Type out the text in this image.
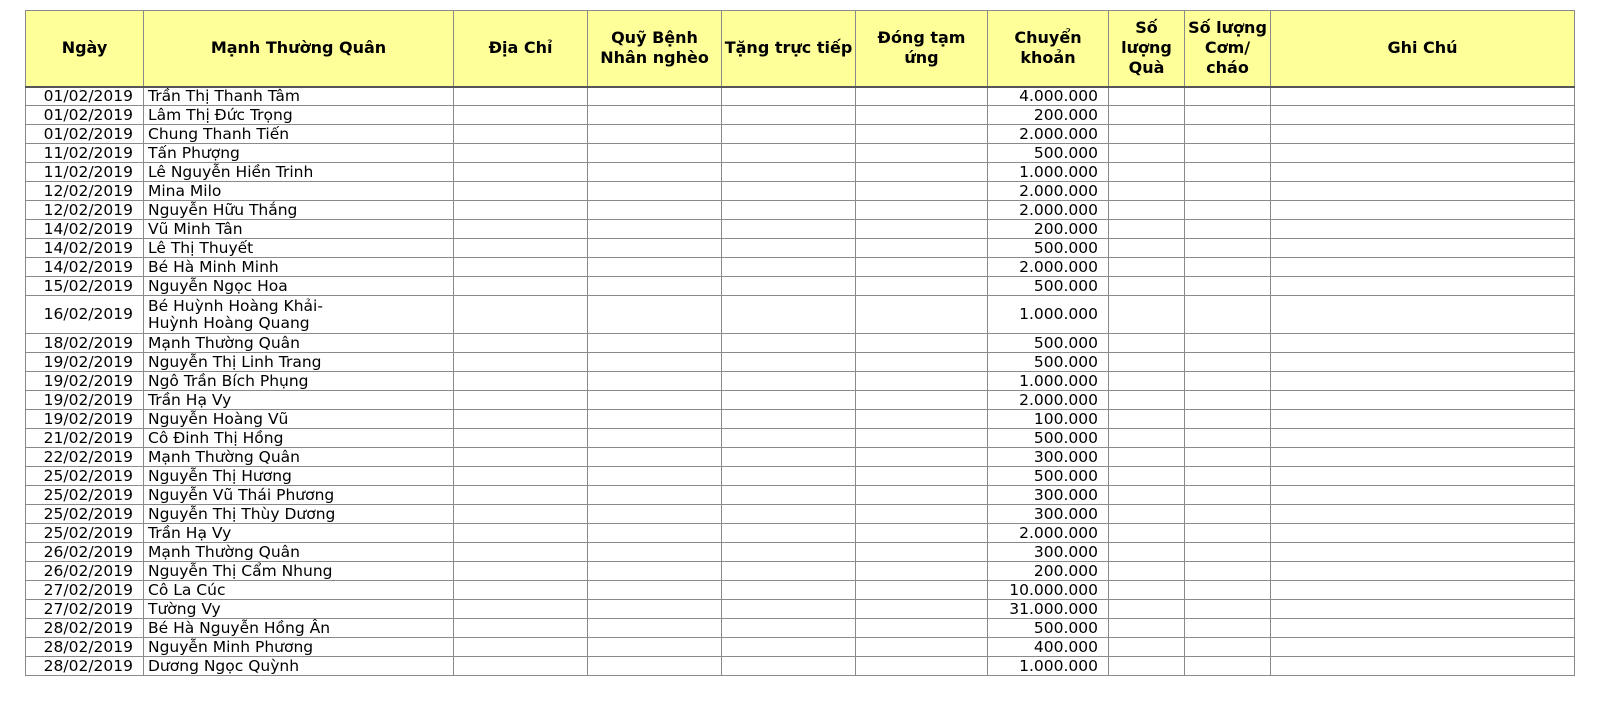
Ngày	Mạnh Thường Quân	Địa Chỉ	Quỹ Bệnh Nhân nghèo	Tặng trực tiếp	Đóng tạm ứng	Chuyển khoản	Số lượng Quà	Số lượng Cơm/ cháo	Ghi Chú
01/02/2019	Trần Thị Thanh Tâm					4.000.000			
01/02/2019	Lâm Thị Đức Trọng					200.000			
01/02/2019	Chung Thanh Tiến					2.000.000			
11/02/2019	Tấn Phượng					500.000			
11/02/2019	Lê Nguyễn Hiền Trinh					1.000.000			
12/02/2019	Mina Milo					2.000.000			
12/02/2019	Nguyễn Hữu Thắng					2.000.000			
14/02/2019	Vũ Minh Tân					200.000			
14/02/2019	Lê Thị Thuyết					500.000			
14/02/2019	Bé Hà Minh Minh					2.000.000			
15/02/2019	Nguyễn Ngọc Hoa					500.000			
16/02/2019	Bé Huỳnh Hoàng Khải-
Huỳnh Hoàng Quang					1.000.000			
18/02/2019	Mạnh Thường Quân					500.000			
19/02/2019	Nguyễn Thị Linh Trang					500.000			
19/02/2019	Ngô Trần Bích Phụng					1.000.000			
19/02/2019	Trần Hạ Vy					2.000.000			
19/02/2019	Nguyễn Hoàng Vũ					100.000			
21/02/2019	Cô Đinh Thị Hồng					500.000			
22/02/2019	Mạnh Thường Quân					300.000			
25/02/2019	Nguyễn Thị Hương					500.000			
25/02/2019	Nguyễn Vũ Thái Phương					300.000			
25/02/2019	Nguyễn Thị Thùy Dương					300.000			
25/02/2019	Trần Hạ Vy					2.000.000			
26/02/2019	Mạnh Thường Quân					300.000			
26/02/2019	Nguyễn Thị Cẩm Nhung					200.000			
27/02/2019	Cô La Cúc					10.000.000			
27/02/2019	Tường Vy					31.000.000			
28/02/2019	Bé Hà Nguyễn Hồng Ân					500.000			
28/02/2019	Nguyễn Minh Phương					400.000			
28/02/2019	Dương Ngọc Quỳnh					1.000.000			
